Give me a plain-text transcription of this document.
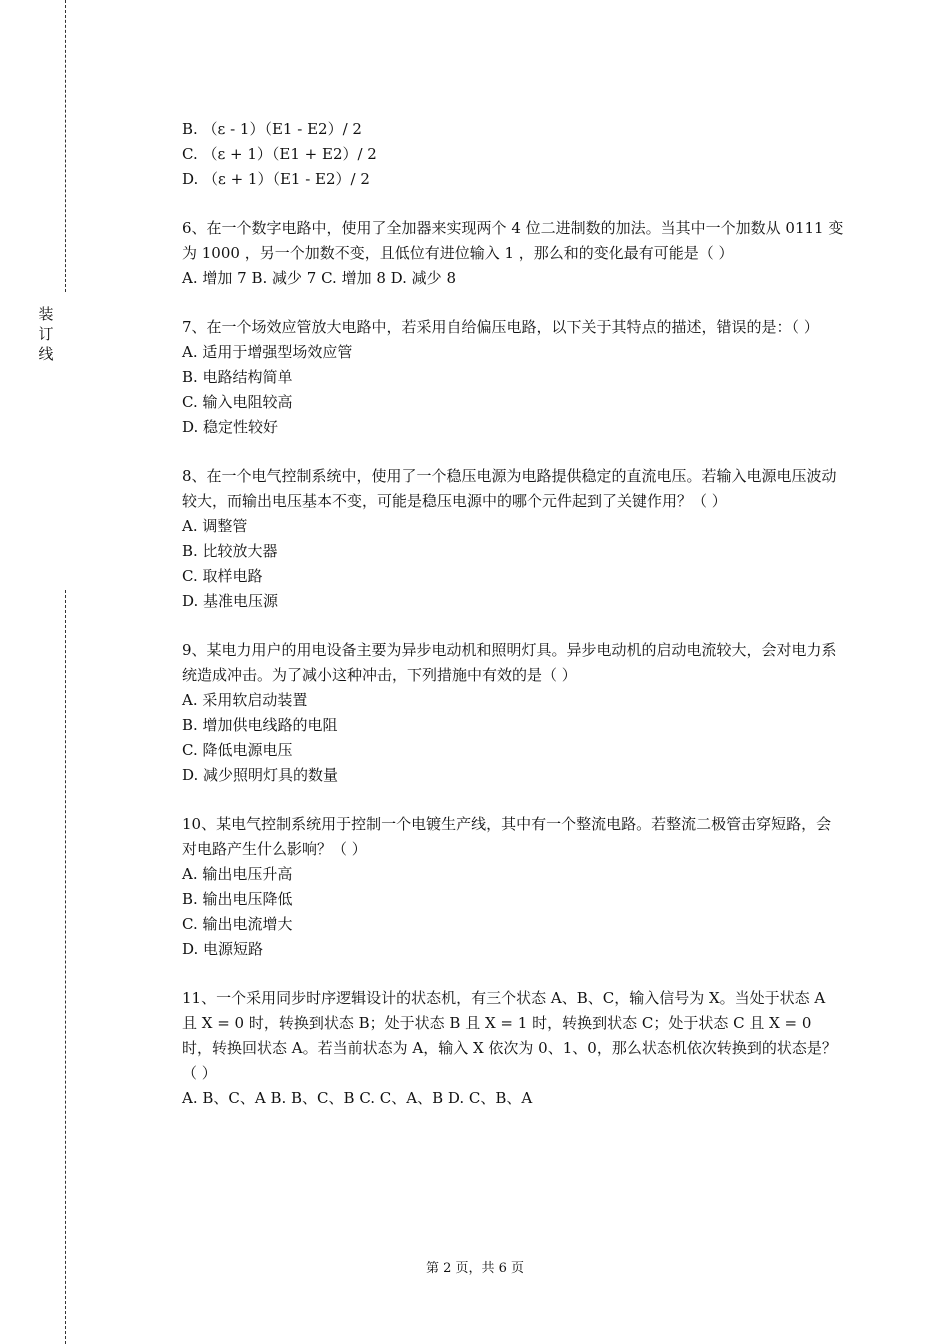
装
订
线
B. （ε - 1）（E1 - E2）/ 2
C. （ε + 1）（E1 + E2）/ 2
D. （ε + 1）（E1 - E2）/ 2
6、在一个数字电路中，使用了全加器来实现两个 4 位二进制数的加法。当其中一个加数从 0111 变为 1000 ，另一个加数不变，且低位有进位输入 1 ，那么和的变化最有可能是（ ）
A. 增加 7 B. 减少 7 C. 增加 8 D. 减少 8
7、在一个场效应管放大电路中，若采用自给偏压电路，以下关于其特点的描述，错误的是：（ ）
A. 适用于增强型场效应管
B. 电路结构简单
C. 输入电阻较高
D. 稳定性较好
8、在一个电气控制系统中，使用了一个稳压电源为电路提供稳定的直流电压。若输入电源电压波动较大，而输出电压基本不变，可能是稳压电源中的哪个元件起到了关键作用？（ ）
A. 调整管
B. 比较放大器
C. 取样电路
D. 基准电压源
9、某电力用户的用电设备主要为异步电动机和照明灯具。异步电动机的启动电流较大，会对电力系统造成冲击。为了减小这种冲击，下列措施中有效的是（ ）
A. 采用软启动装置
B. 增加供电线路的电阻
C. 降低电源电压
D. 减少照明灯具的数量
10、某电气控制系统用于控制一个电镀生产线，其中有一个整流电路。若整流二极管击穿短路，会对电路产生什么影响？（ ）
A. 输出电压升高
B. 输出电压降低
C. 输出电流增大
D. 电源短路
11、一个采用同步时序逻辑设计的状态机，有三个状态 A、B、C，输入信号为 X。当处于状态 A 且 X = 0 时，转换到状态 B；处于状态 B 且 X = 1 时，转换到状态 C；处于状态 C 且 X = 0 时，转换回状态 A。若当前状态为 A，输入 X 依次为 0、1、0，那么状态机依次转换到的状态是？（ ）
A. B、C、A B. B、C、B C. C、A、B D. C、B、A
第 2 页，共 6 页
